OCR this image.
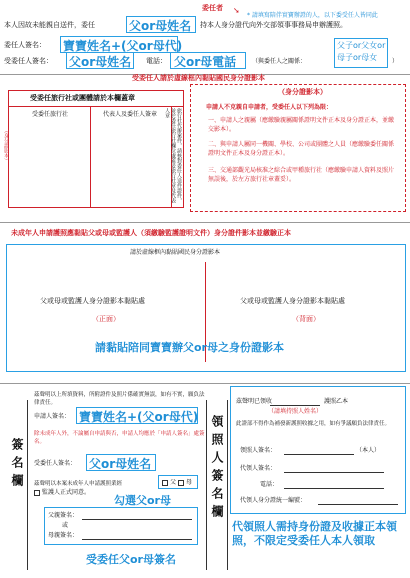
委任者 ➘
* 請填寫陪伴實寶辦證的人，以下委受任人皆同此
本人因故未能親自送件，委任	父or母姓名 持本人身分證代向外交部領事事務局申辦護照。
委任人簽名： 寶寶姓名+(父or母代)
受委任人簽名： 父or母姓名 電話： 父or母電話	（與委任人之關係：
父子or父女or母子or母女	）
受委任人請於虛線框內黏貼國民身分證影本
受委任旅行社或團體請於本欄蓋章
受委任旅行社	代表人及委任人簽章	旅行社代辦案件，請核對委任人送件證件，並於委任旅行社欄位處蓋妥旅行社章及代表人章
（身分證影本）
（身分證影本）
申請人不克親自申請者，受委任人以下列為限：
一、申請人之親屬（應繳驗親屬關係證明文件正本及身分證正本，並繳交影本）。
二、與申請人屬同一機關、學校、公司或團體之人員（應繳驗委任關係證明文件正本及身分證正本）。
三、交通部觀光局核准之綜合或甲種旅行社（應繳驗申請人資料及照片無誤後，於左方旅行社章蓋妥）。
未成年人申請護照應黏貼父或母或監護人（須繳驗監護證明文件）身分證件影本並繳驗正本
請於虛線框內黏貼國民身分證影本
父或母或監護人身分證影本黏貼處
（正面）
父或母或監護人身分證影本黏貼處
（背面）
請黏貼陪同寶寶辦父or母之身份證影本
簽名欄
茲聲明以上所填資料，所附證件及照片係確實無誤，如有不實，願負法律責任。
申請人簽名： 寶寶姓名+(父or母代)
除未成年人外，不論屬自申請與否，申請人均應於「申請人簽名」處簽名。
受委任人簽名： 父or母姓名
茲聲明以本案未成年人申請護照業經	父 母
監護人正式同意。
勾選父or母
父親簽名：
或
母親簽名：
受委任父or母簽名
領照人簽名欄
茲聲明已領收	護照乙本
（請填持照人姓名）
此證部不得作為補發新護照收據之用，如有爭議願負法律責任。
領照人簽名：	（本人）
代領人簽名：
電話：
代領人身分證統一編號：
代領照人需持身份證及收據正本領照，不限定受委任人本人領取
